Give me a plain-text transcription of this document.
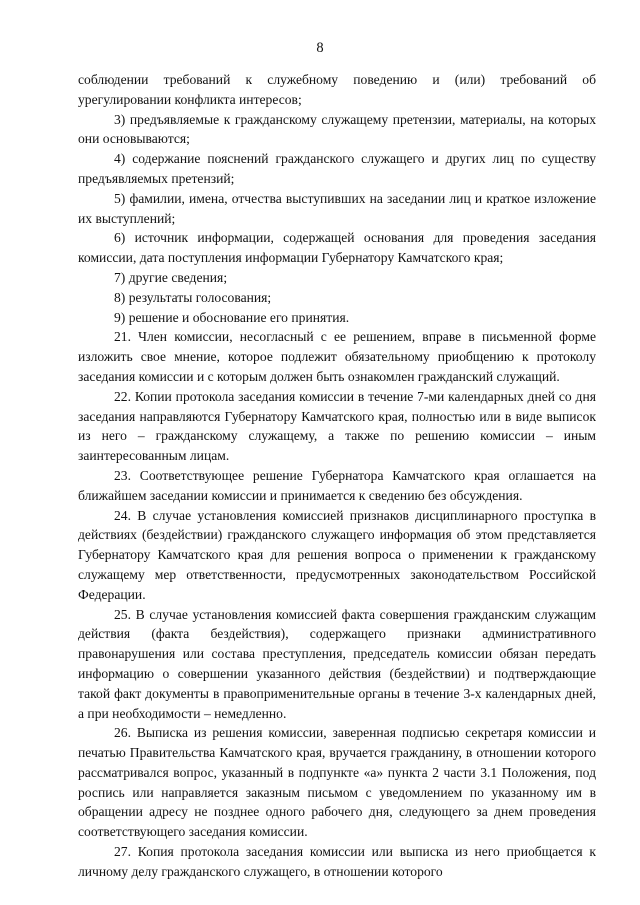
8

соблюдении требований к служебному поведению и (или) требований об урегулировании конфликта интересов;

3) предъявляемые к гражданскому служащему претензии, материалы, на которых они основываются;

4) содержание пояснений гражданского служащего и других лиц по существу предъявляемых претензий;

5) фамилии, имена, отчества выступивших на заседании лиц и краткое изложение их выступлений;

6) источник информации, содержащей основания для проведения заседания комиссии, дата поступления информации Губернатору Камчатского края;

7) другие сведения;

8) результаты голосования;

9) решение и обоснование его принятия.

21. Член комиссии, несогласный с ее решением, вправе в письменной форме изложить свое мнение, которое подлежит обязательному приобщению к протоколу заседания комиссии и с которым должен быть ознакомлен гражданский служащий.

22. Копии протокола заседания комиссии в течение 7-ми календарных дней со дня заседания направляются Губернатору Камчатского края, полностью или в виде выписок из него – гражданскому служащему, а также по решению комиссии – иным заинтересованным лицам.

23. Соответствующее решение Губернатора Камчатского края оглашается на ближайшем заседании комиссии и принимается к сведению без обсуждения.

24. В случае установления комиссией признаков дисциплинарного проступка в действиях (бездействии) гражданского служащего информация об этом представляется Губернатору Камчатского края для решения вопроса о применении к гражданскому служащему мер ответственности, предусмотренных законодательством Российской Федерации.

25. В случае установления комиссией факта совершения гражданским служащим действия (факта бездействия), содержащего признаки административного правонарушения или состава преступления, председатель комиссии обязан передать информацию о совершении указанного действия (бездействии) и подтверждающие такой факт документы в правоприменительные органы в течение 3-х календарных дней, а при необходимости – немедленно.

26. Выписка из решения комиссии, заверенная подписью секретаря комиссии и печатью Правительства Камчатского края, вручается гражданину, в отношении которого рассматривался вопрос, указанный в подпункте «а» пункта 2 части 3.1 Положения, под роспись или направляется заказным письмом с уведомлением по указанному им в обращении адресу не позднее одного рабочего дня, следующего за днем проведения соответствующего заседания комиссии.

27. Копия протокола заседания комиссии или выписка из него приобщается к личному делу гражданского служащего, в отношении которого
